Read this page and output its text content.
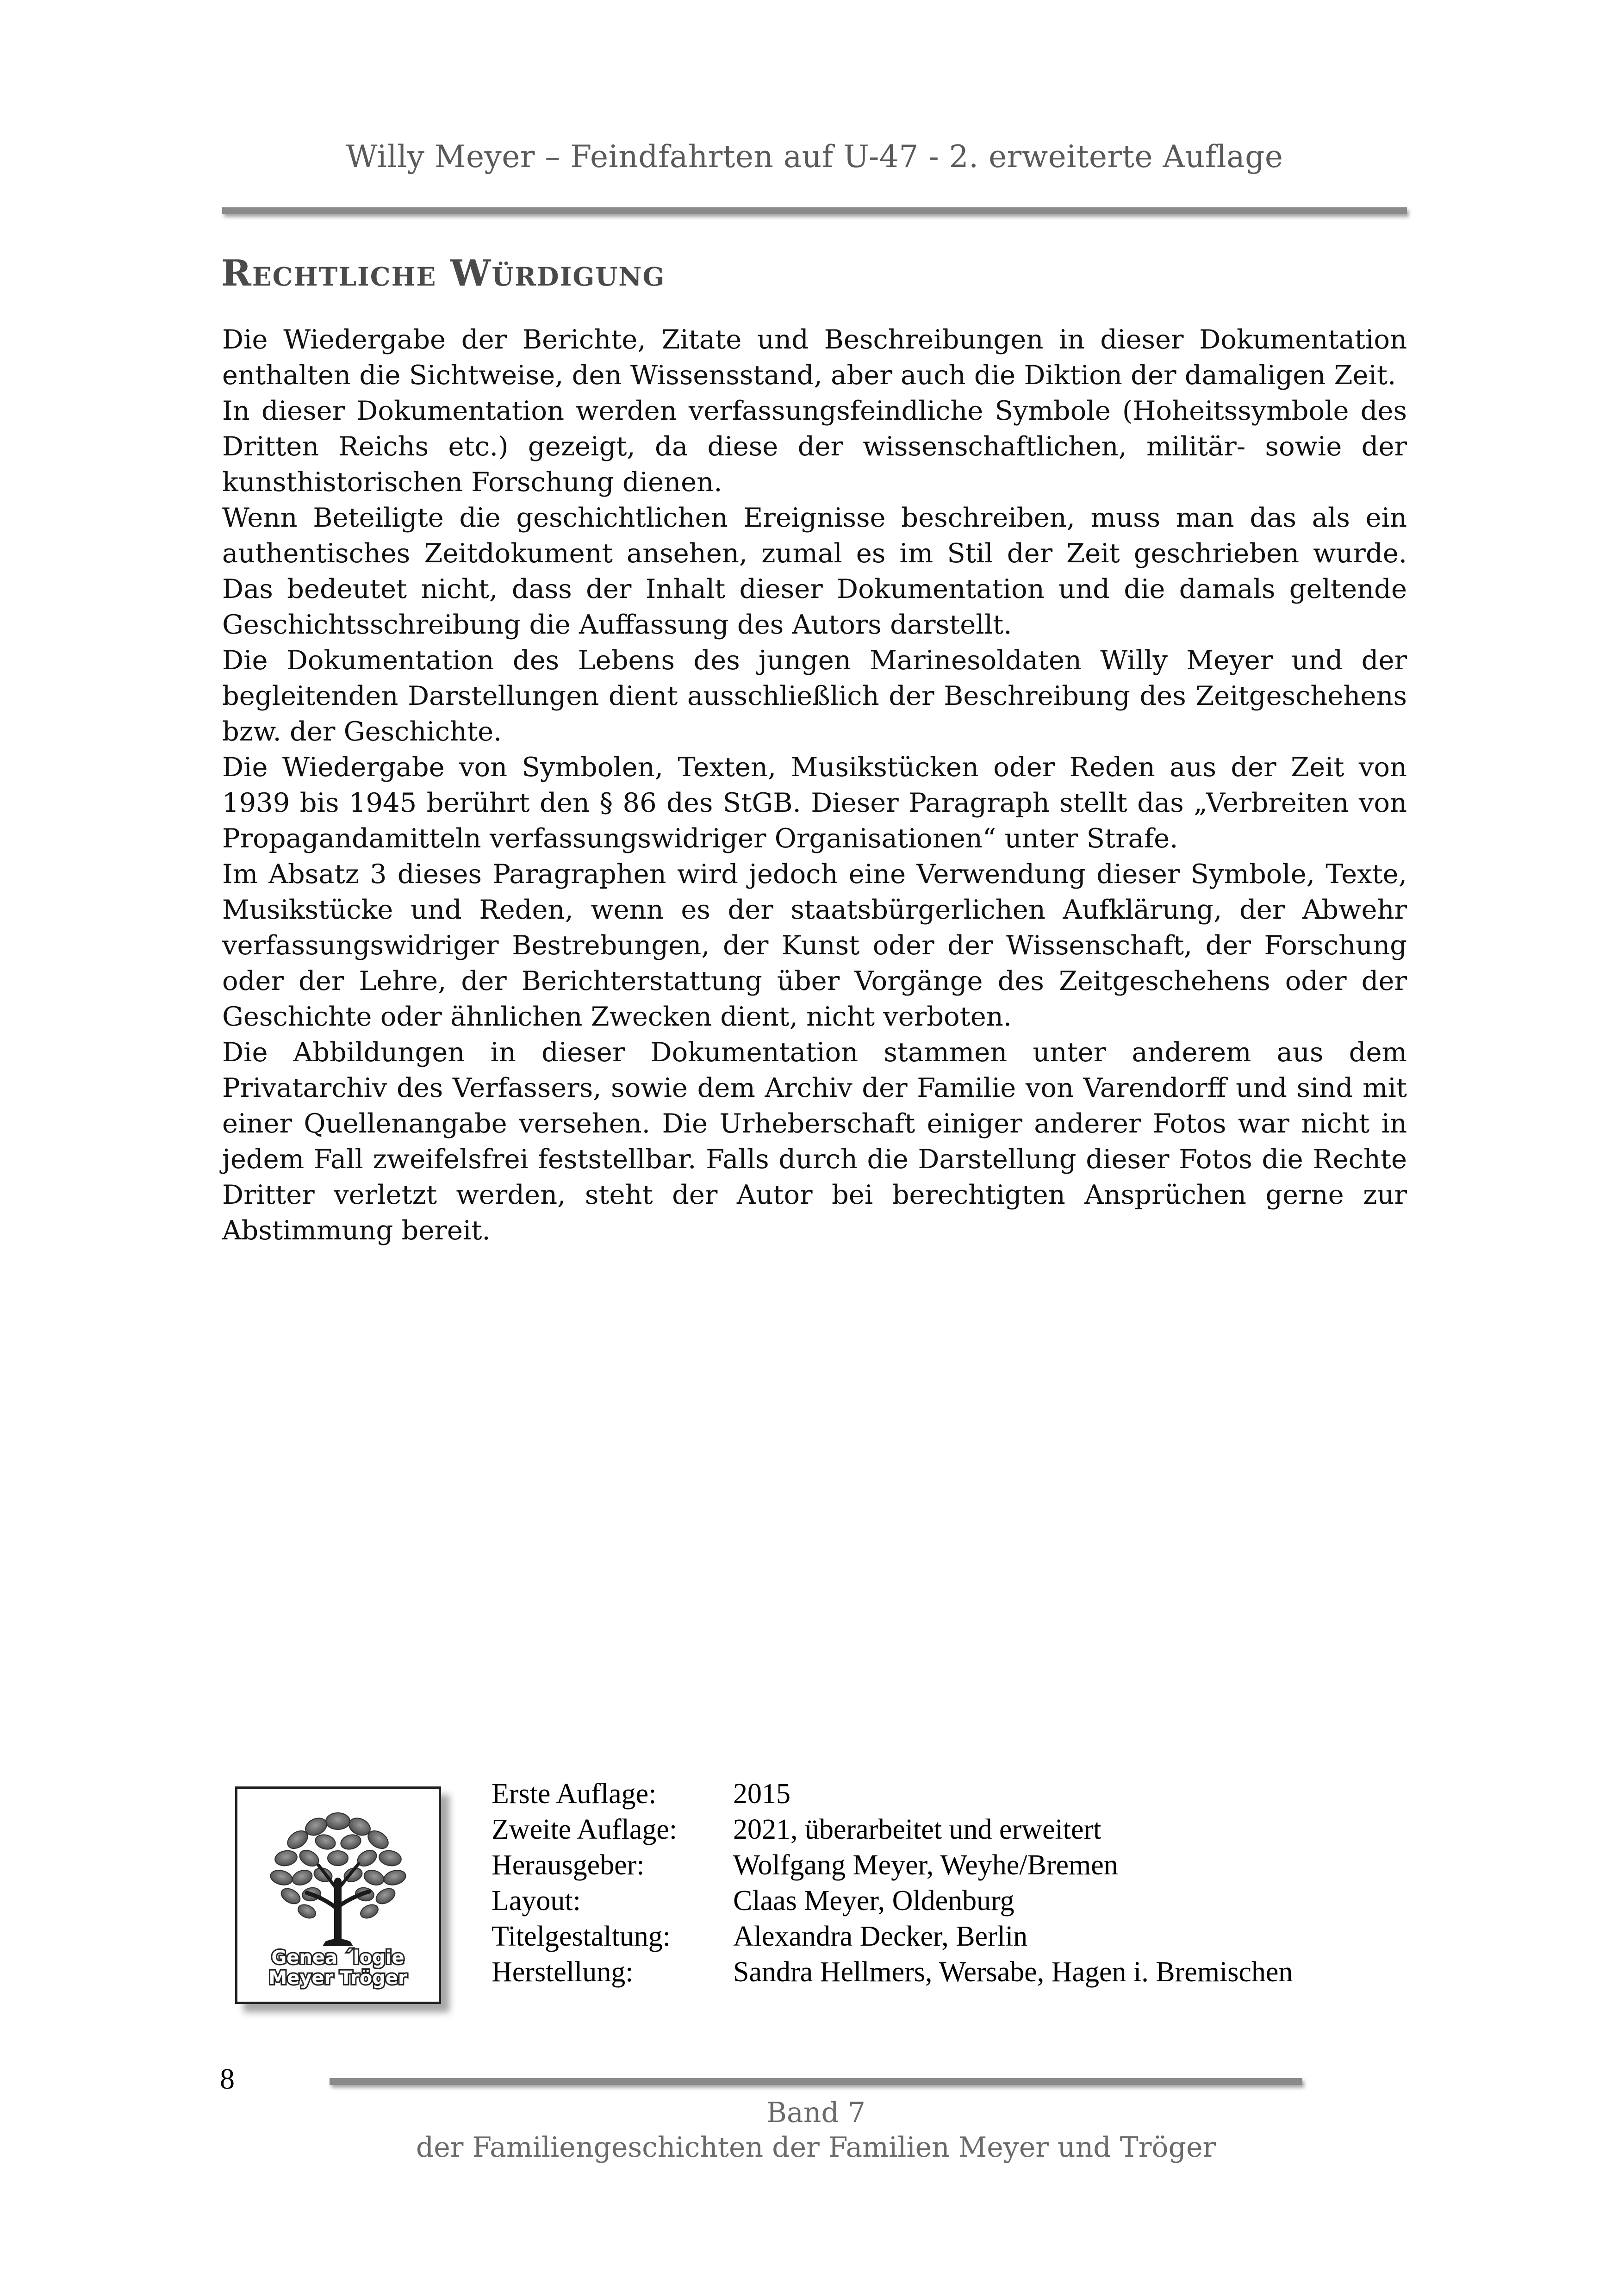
Willy Meyer – Feindfahrten auf U-47 - 2. erweiterte Auflage
Rechtliche Würdigung

Die Wiedergabe der Berichte, Zitate und Beschreibungen in dieser Dokumentation enthalten die Sichtweise, den Wissensstand, aber auch die Diktion der damaligen Zeit.

In dieser Dokumentation werden verfassungsfeindliche Symbole (Hoheitssymbole des Dritten Reichs etc.) gezeigt, da diese der wissenschaftlichen, militär- sowie der kunsthistorischen Forschung dienen.

Wenn Beteiligte die geschichtlichen Ereignisse beschreiben, muss man das als ein authentisches Zeitdokument ansehen, zumal es im Stil der Zeit geschrieben wurde. Das bedeutet nicht, dass der Inhalt dieser Dokumentation und die damals geltende Geschichtsschreibung die Auffassung des Autors darstellt.

Die Dokumentation des Lebens des jungen Marinesoldaten Willy Meyer und der begleitenden Darstellungen dient ausschließlich der Beschreibung des Zeitgeschehens bzw. der Geschichte.

Die Wiedergabe von Symbolen, Texten, Musikstücken oder Reden aus der Zeit von 1939 bis 1945 berührt den § 86 des StGB. Dieser Paragraph stellt das „Verbreiten von Propagandamitteln verfassungswidriger Organisationen“ unter Strafe.

Im Absatz 3 dieses Paragraphen wird jedoch eine Verwendung dieser Symbole, Texte, Musikstücke und Reden, wenn es der staatsbürgerlichen Aufklärung, der Abwehr verfassungswidriger Bestrebungen, der Kunst oder der Wissenschaft, der Forschung oder der Lehre, der Berichterstattung über Vorgänge des Zeitgeschehens oder der Geschichte oder ähnlichen Zwecken dient, nicht verboten.

Die Abbildungen in dieser Dokumentation stammen unter anderem aus dem Privatarchiv des Verfassers, sowie dem Archiv der Familie von Varendorff und sind mit einer Quellenangabe versehen. Die Urheberschaft einiger anderer Fotos war nicht in jedem Fall zweifelsfrei feststellbar. Falls durch die Darstellung dieser Fotos die Rechte Dritter verletzt werden, steht der Autor bei berechtigten Ansprüchen gerne zur Abstimmung bereit.

Genea ´logie
Meyer Tröger
Erste Auflage:	2015
Zweite Auflage:	2021, überarbeitet und erweitert
Herausgeber:	Wolfgang Meyer, Weyhe/Bremen
Layout:	Claas Meyer, Oldenburg
Titelgestaltung:	Alexandra Decker, Berlin
Herstellung:	Sandra Hellmers, Wersabe, Hagen i. Bremischen
8
Band 7
der Familiengeschichten der Familien Meyer und Tröger
